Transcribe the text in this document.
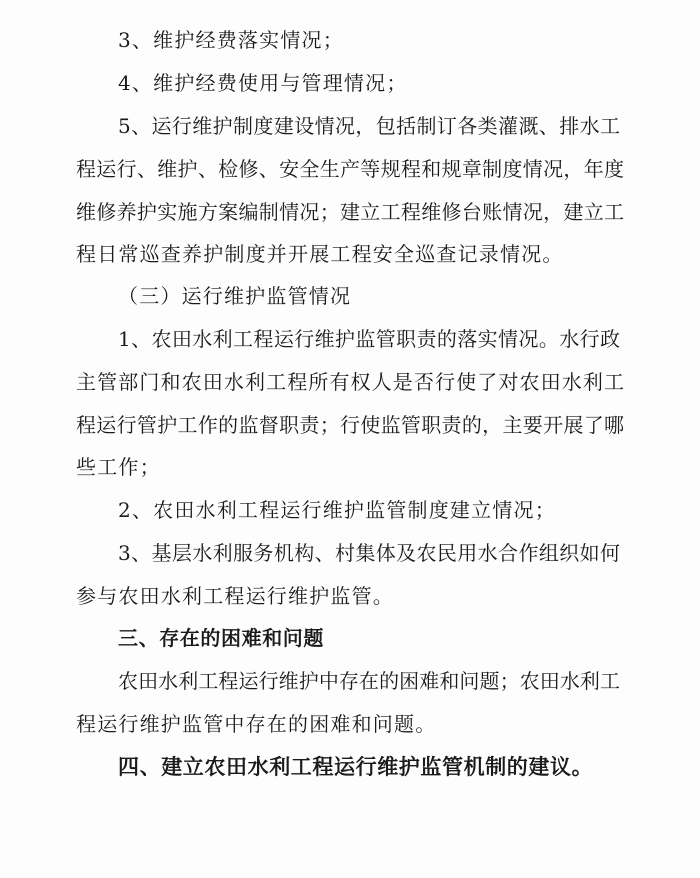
3、维护经费落实情况；
4、维护经费使用与管理情况；
5、运行维护制度建设情况，包括制订各类灌溉、排水工
程运行、维护、检修、安全生产等规程和规章制度情况，年度
维修养护实施方案编制情况；建立工程维修台账情况，建立工
程日常巡查养护制度并开展工程安全巡查记录情况。
（三）运行维护监管情况
1、农田水利工程运行维护监管职责的落实情况。水行政
主管部门和农田水利工程所有权人是否行使了对农田水利工
程运行管护工作的监督职责；行使监管职责的，主要开展了哪
些工作；
2、农田水利工程运行维护监管制度建立情况；
3、基层水利服务机构、村集体及农民用水合作组织如何
参与农田水利工程运行维护监管。
三、存在的困难和问题
农田水利工程运行维护中存在的困难和问题；农田水利工
程运行维护监管中存在的困难和问题。
四、建立农田水利工程运行维护监管机制的建议。
